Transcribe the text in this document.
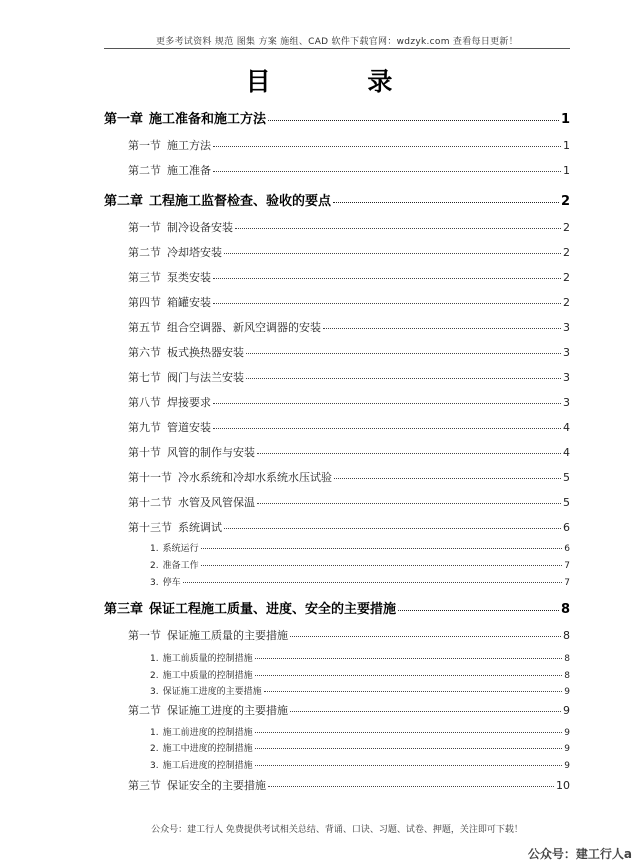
更多考试资料 规范 图集 方案 施组、CAD 软件下载官网：wdzyk.com 查看每日更新！
目 录
第一章 施工准备和施工方法	1
第一节 施工方法	1
第二节 施工准备	1
第二章 工程施工监督检查、验收的要点	2
第一节 制冷设备安装	2
第二节 冷却塔安装	2
第三节 泵类安装	2
第四节 箱罐安装	2
第五节 组合空调器、新风空调器的安装	3
第六节 板式换热器安装	3
第七节 阀门与法兰安装	3
第八节 焊接要求	3
第九节 管道安装	4
第十节 风管的制作与安装	4
第十一节 冷水系统和冷却水系统水压试验	5
第十二节 水管及风管保温	5
第十三节 系统调试	6
1. 系统运行	6
2. 准备工作	7
3. 停车	7
第三章 保证工程施工质量、进度、安全的主要措施	8
第一节 保证施工质量的主要措施	8
1. 施工前质量的控制措施	8
2. 施工中质量的控制措施	8
3. 保证施工进度的主要措施	9
第二节 保证施工进度的主要措施	9
1. 施工前进度的控制措施	9
2. 施工中进度的控制措施	9
3. 施工后进度的控制措施	9
第三节 保证安全的主要措施	10
公众号：建工行人 免费提供考试相关总结、背诵、口诀、习题、试卷、押题，关注即可下载！
公众号：建工行人a
